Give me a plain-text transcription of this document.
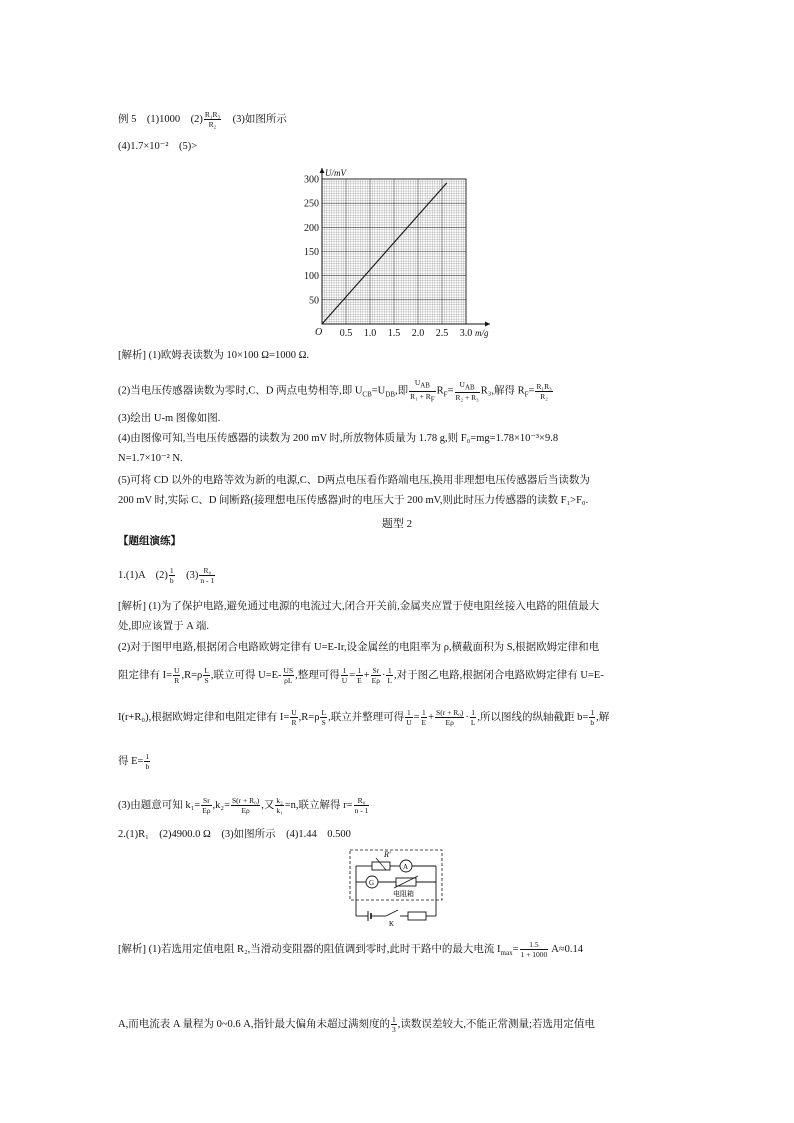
例 5　(1)1000　$(2) \frac{\text{R₁R₃}}{\text{R₂}}$ 　(3)如图所示
(4)1.7×10⁻²　(5)>
0.5 1.0 1.5 2.0 2.5 3.0
50
100
150
200
250
300
O	m/g
U/mV
[解析] (1)欧姆表读数为 10×100 Ω=1000 Ω.
(2)当电压传感器读数为零时,C、D 两点电势相等,即 $U_{CB}=U_{DB}$,即 $\frac{U_{AB}}{R_1 + R_F} R_F= \frac{U_{AB}}{\text{R₂ + R₃}} R_3$,解得 $R_F= \frac{\text{R₁R₃}}{\text{R₂}}$
(3)绘出 U-m 图像如图.
(4)由图像可知,当电压传感器的读数为 200 mV 时,所放物体质量为 1.78 g,则 F₀=mg=1.78×10⁻³×9.8
N=1.7×10⁻² N.
(5)可将 CD 以外的电路等效为新的电源,C、D两点电压看作路端电压,换用非理想电压传感器后当读数为
200 mV 时,实际 C、D 间断路(接理想电压传感器)时的电压大于 200 mV,则此时压力传感器的读数 F₁>F₀.
题型 2
【题组演练】
1.(1)A　$(2) \frac{1}{b}$ 　$(3) \frac{\text{R₀}}{n - 1}$
[解析] (1)为了保护电路,避免通过电源的电流过大,闭合开关前,金属夹应置于使电阻丝接入电路的阻值最大
处,即应该置于 A 端.
(2)对于图甲电路,根据闭合电路欧姆定律有 U=E-Ir,设金属丝的电阻率为 ρ,横截面积为 S,根据欧姆定律和电
阻定律有 $I= \frac{U}{R} ,R=\rho \frac{L}{S}$ ,联立可得 $U=E- \frac{US}{\rho L}$ ,整理可得 $\frac{1}{U} = \frac{1}{E} + \frac{Sr}{E\rho} \cdot \frac{1}{L}$ ,对于图乙电路,根据闭合电路欧姆定律有 U=E-
I(r+R₀),根据欧姆定律和电阻定律有 $I= \frac{U}{R} ,R=\rho \frac{L}{S}$ ,联立并整理可得 $\frac{1}{U} = \frac{1}{E} + \frac{\text{S(r + R₀)}}{E\rho} \cdot \frac{1}{L}$ ,所以图线的纵轴截距 $b= \frac{1}{b}$ ,解
得 $E= \frac{1}{b}$
(3)由题意可知 $k_1= \frac{Sr}{E\rho} ,k_2= \frac{\text{S(r + R₀)}}{E\rho}$ ,又 $\frac{\text{k₂}}{\text{k₁}} =n$,联立解得 $r= \frac{\text{R₀}}{n - 1}$
2.(1)R₁　(2)4900.0 Ω　(3)如图所示　(4)1.44　0.500
R′
A
G
电阻箱
K
[解析] (1)若选用定值电阻 R₂,当滑动变阻器的阻值调到零时,此时干路中的最大电流 $I_{max}= \frac{1.5}{1 + 1000} A\approx 0.14$
A,而电流表 A 量程为 0~0.6 A,指针最大偏角未超过满刻度的 $\frac{1}{3}$ ,读数误差较大,不能正常测量;若选用定值电
